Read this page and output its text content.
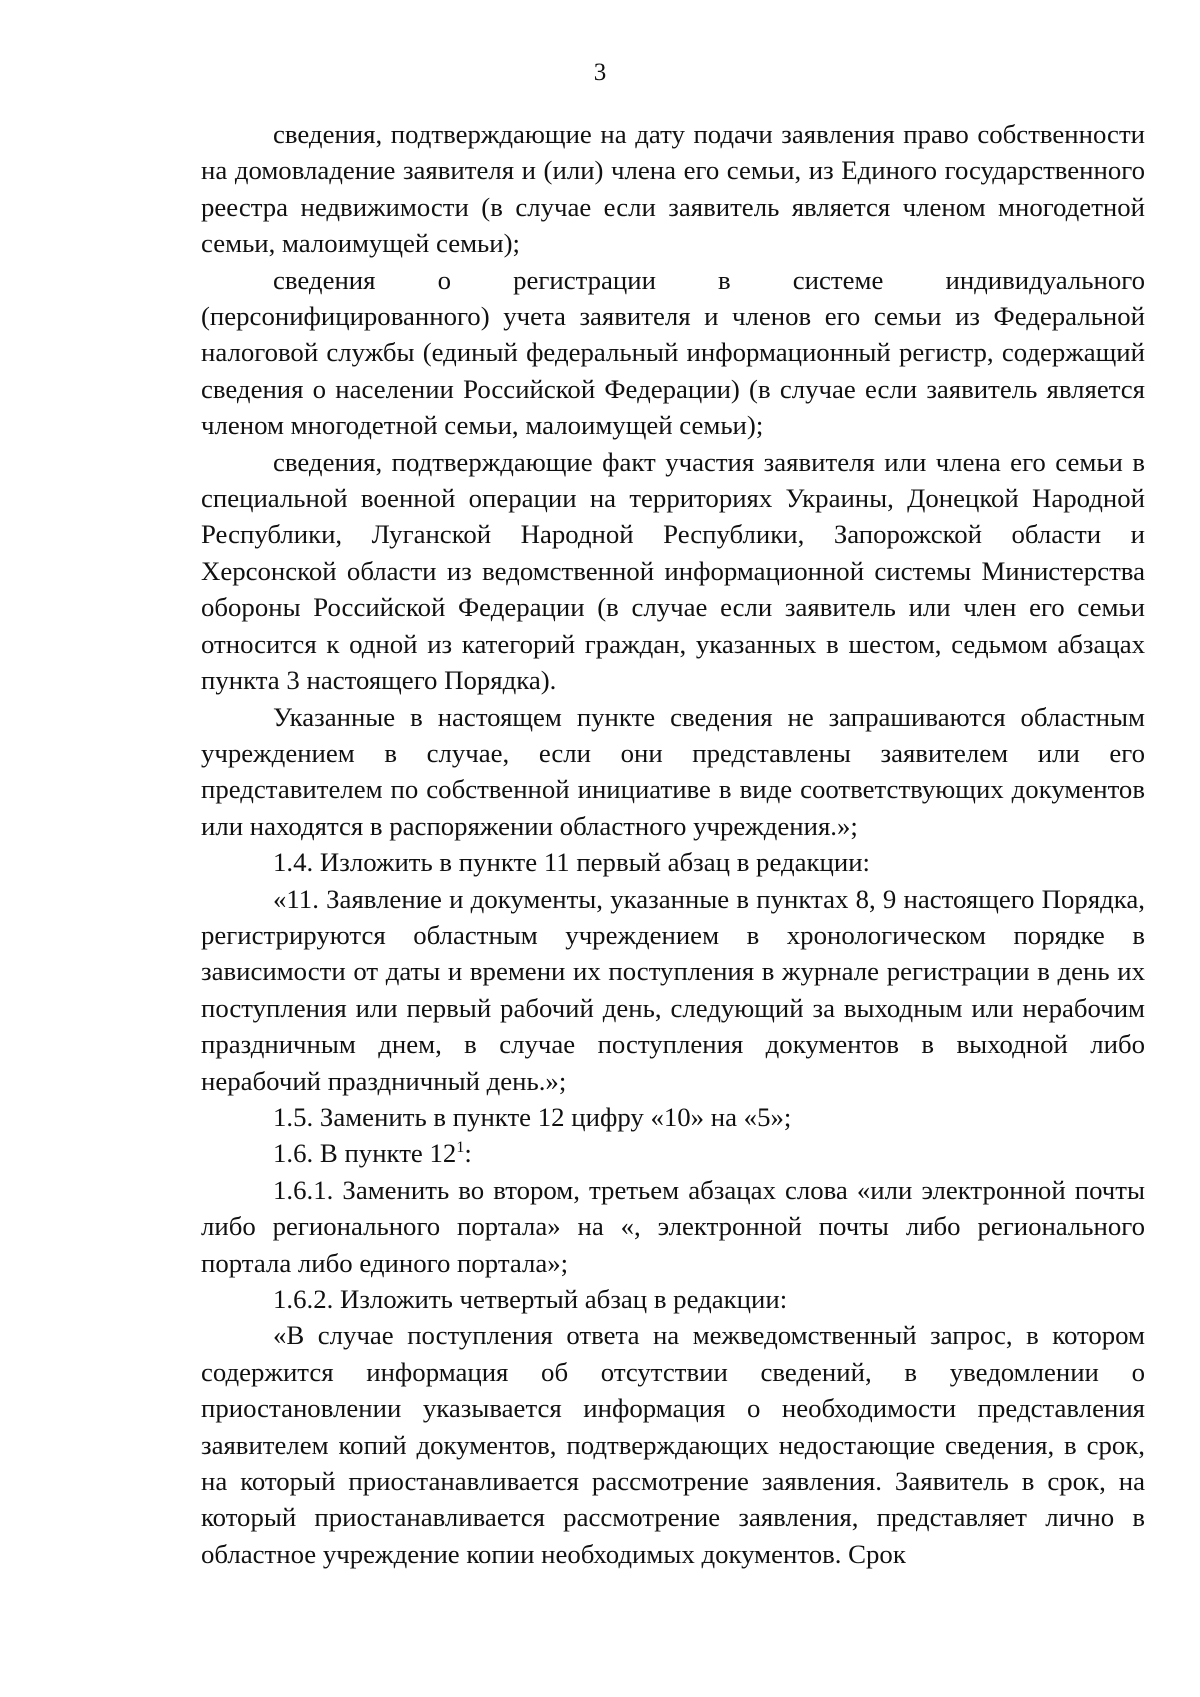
3

сведения, подтверждающие на дату подачи заявления право собственности на домовладение заявителя и (или) члена его семьи, из Единого государственного реестра недвижимости (в случае если заявитель является членом многодетной семьи, малоимущей семьи);

сведения о регистрации в системе индивидуального (персонифицированного) учета заявителя и членов его семьи из Федеральной налоговой службы (единый федеральный информационный регистр, содержащий сведения о населении Российской Федерации) (в случае если заявитель является членом многодетной семьи, малоимущей семьи);

сведения, подтверждающие факт участия заявителя или члена его семьи в специальной военной операции на территориях Украины, Донецкой Народной Республики, Луганской Народной Республики, Запорожской области и Херсонской области из ведомственной информационной системы Министерства обороны Российской Федерации (в случае если заявитель или член его семьи относится к одной из категорий граждан, указанных в шестом, седьмом абзацах пункта 3 настоящего Порядка).

Указанные в настоящем пункте сведения не запрашиваются областным учреждением в случае, если они представлены заявителем или его представителем по собственной инициативе в виде соответствующих документов или находятся в распоряжении областного учреждения.»;

1.4. Изложить в пункте 11 первый абзац в редакции:

«11. Заявление и документы, указанные в пунктах 8, 9 настоящего Порядка, регистрируются областным учреждением в хронологическом порядке в зависимости от даты и времени их поступления в журнале регистрации в день их поступления или первый рабочий день, следующий за выходным или нерабочим праздничным днем, в случае поступления документов в выходной либо нерабочий праздничный день.»;

1.5. Заменить в пункте 12 цифру «10» на «5»;

1.6. В пункте $12^1$:

1.6.1. Заменить во втором, третьем абзацах слова «или электронной почты либо регионального портала» на «, электронной почты либо регионального портала либо единого портала»;

1.6.2. Изложить четвертый абзац в редакции:

«В случае поступления ответа на межведомственный запрос, в котором содержится информация об отсутствии сведений, в уведомлении о приостановлении указывается информация о необходимости представления заявителем копий документов, подтверждающих недостающие сведения, в срок, на который приостанавливается рассмотрение заявления. Заявитель в срок, на который приостанавливается рассмотрение заявления, представляет лично в областное учреждение копии необходимых документов. Срок
